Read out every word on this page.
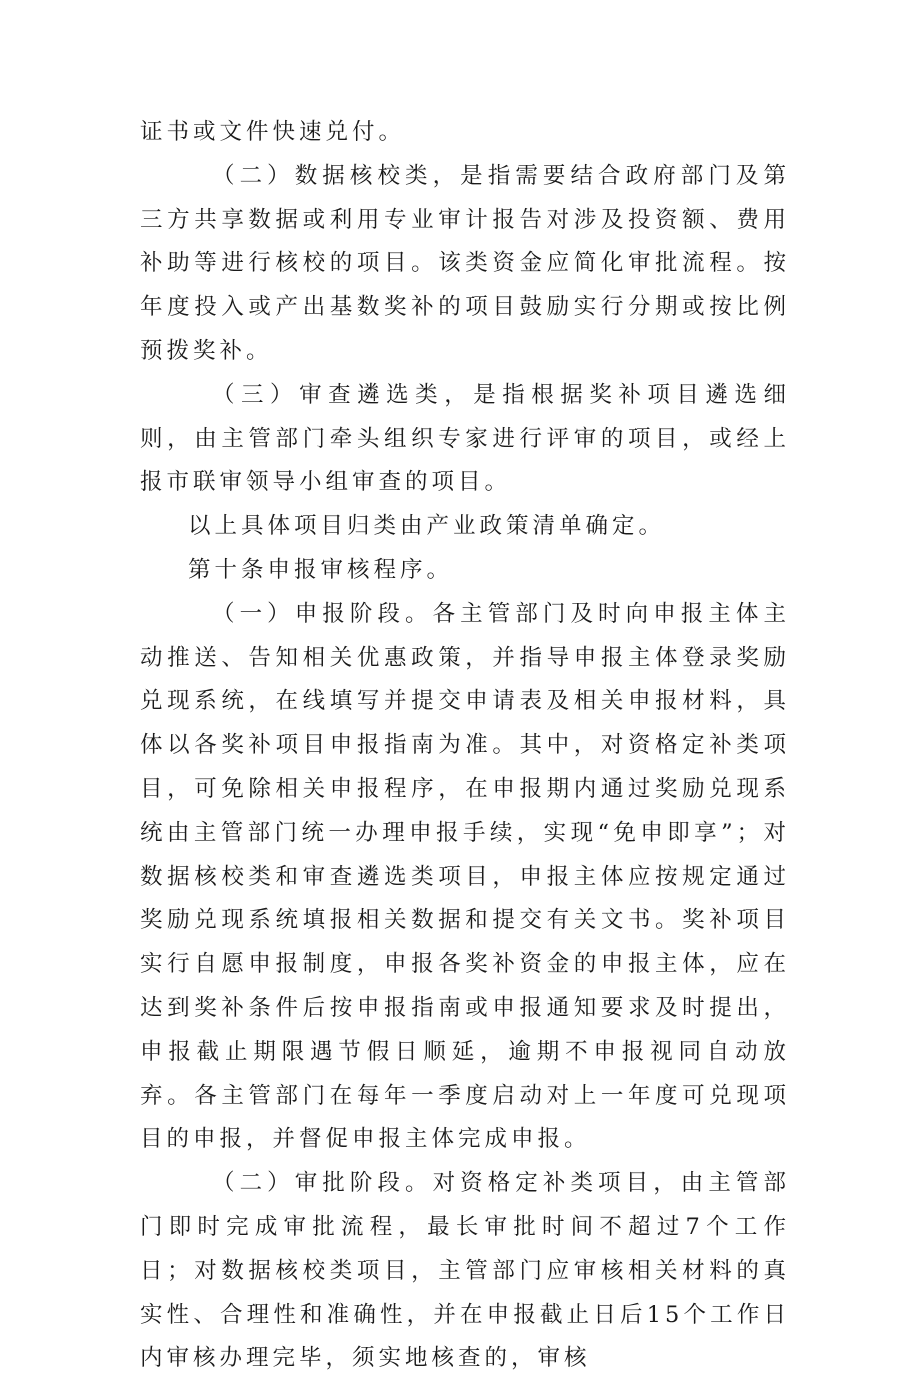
证书或文件快速兑付。

（二）数据核校类，是指需要结合政府部门及第三方共享数据或利用专业审计报告对涉及投资额、费用补助等进行核校的项目。该类资金应简化审批流程。按年度投入或产出基数奖补的项目鼓励实行分期或按比例预拨奖补。

（三）审查遴选类，是指根据奖补项目遴选细则，由主管部门牵头组织专家进行评审的项目，或经上报市联审领导小组审查的项目。

以上具体项目归类由产业政策清单确定。

第十条申报审核程序。

（一）申报阶段。各主管部门及时向申报主体主动推送、告知相关优惠政策，并指导申报主体登录奖励兑现系统，在线填写并提交申请表及相关申报材料，具体以各奖补项目申报指南为准。其中，对资格定补类项目，可免除相关申报程序，在申报期内通过奖励兑现系统由主管部门统一办理申报手续，实现“免申即享”；对数据核校类和审查遴选类项目，申报主体应按规定通过奖励兑现系统填报相关数据和提交有关文书。奖补项目实行自愿申报制度，申报各奖补资金的申报主体，应在达到奖补条件后按申报指南或申报通知要求及时提出，申报截止期限遇节假日顺延，逾期不申报视同自动放弃。各主管部门在每年一季度启动对上一年度可兑现项目的申报，并督促申报主体完成申报。

（二）审批阶段。对资格定补类项目，由主管部门即时完成审批流程，最长审批时间不超过7个工作日；对数据核校类项目，主管部门应审核相关材料的真实性、合理性和准确性，并在申报截止日后15个工作日内审核办理完毕，须实地核查的，审核
